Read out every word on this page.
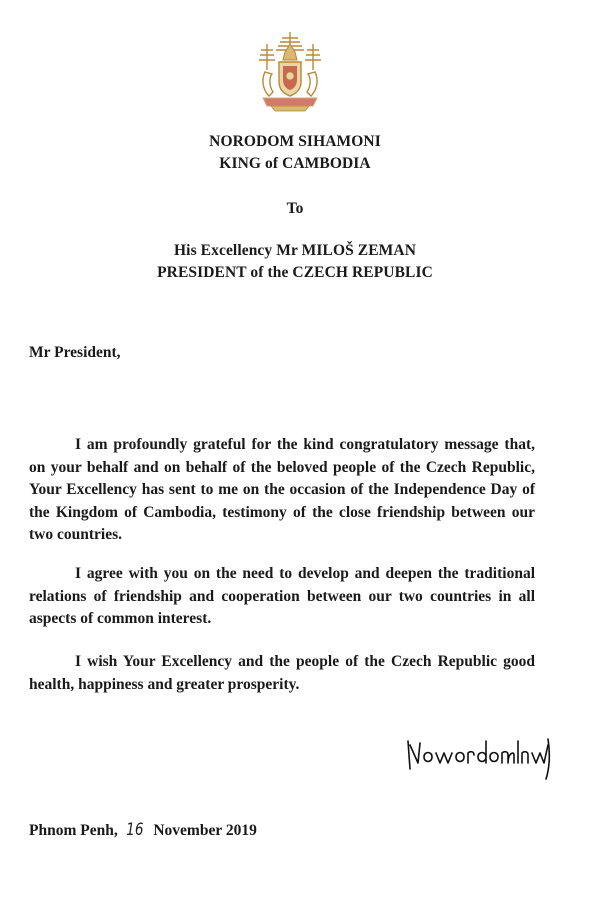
NORODOM SIHAMONI
KING of CAMBODIA
To
His Excellency Mr MILOŠ ZEMAN
PRESIDENT of the CZECH REPUBLIC
Mr President,

I am profoundly grateful for the kind congratulatory message that, on your behalf and on behalf of the beloved people of the Czech Republic, Your Excellency has sent to me on the occasion of the Independence Day of the Kingdom of Cambodia, testimony of the close friendship between our two countries.

I agree with you on the need to develop and deepen the traditional relations of friendship and cooperation between our two countries in all aspects of common interest.

I wish Your Excellency and the people of the Czech Republic good health, happiness and greater prosperity.

Phnom Penh, 16 November 2019
